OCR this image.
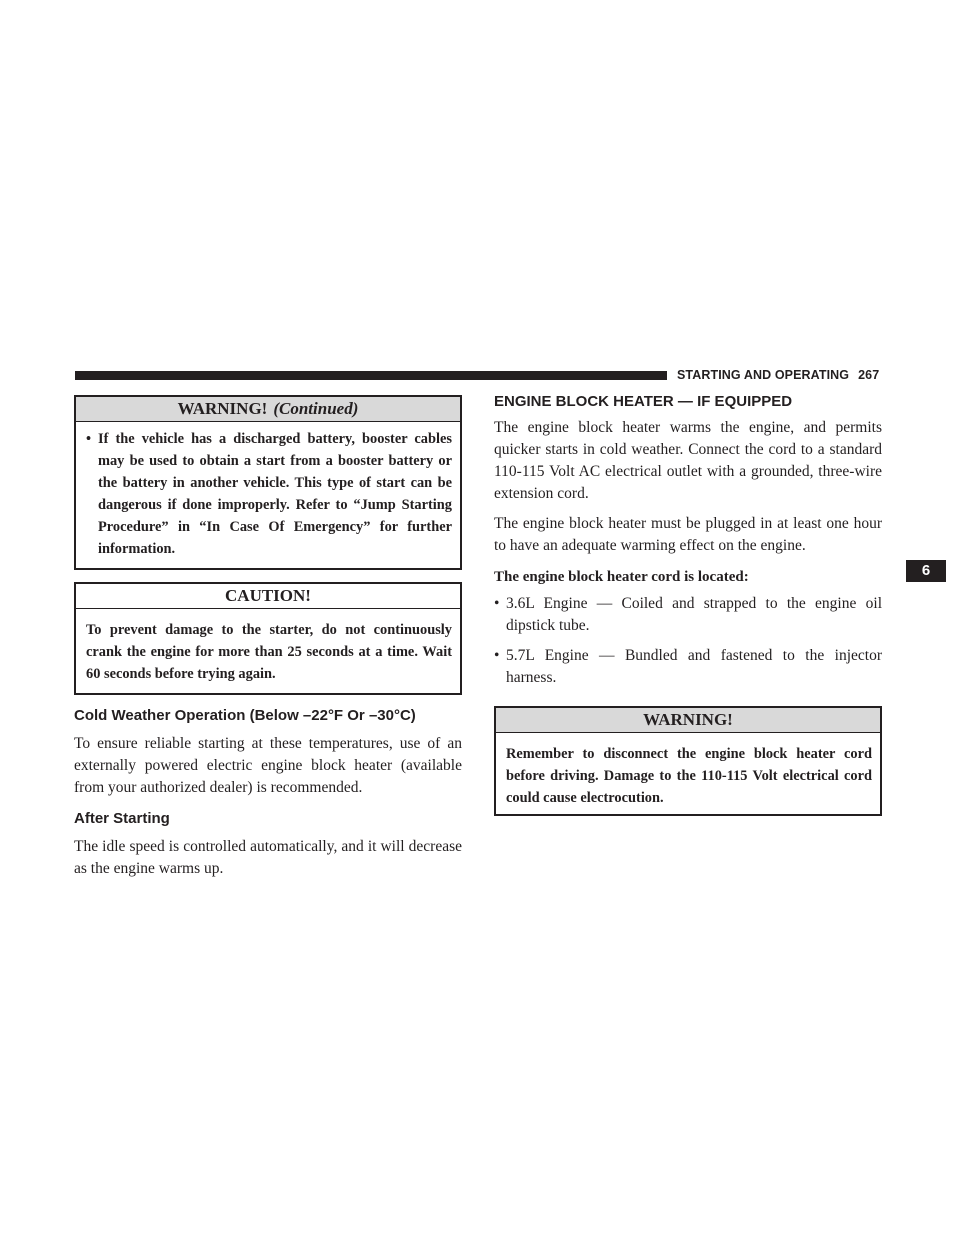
STARTING AND OPERATING 267
6
WARNING! (Continued)
• If the vehicle has a discharged battery, booster cables may be used to obtain a start from a booster battery or the battery in another vehicle. This type of start can be dangerous if done improperly. Refer to “Jump Starting Procedure” in “In Case Of Emergency” for further information.
CAUTION!
To prevent damage to the starter, do not continuously crank the engine for more than 25 seconds at a time. Wait 60 seconds before trying again.
Cold Weather Operation (Below –22°F Or –30°C)

To ensure reliable starting at these temperatures, use of an externally powered electric engine block heater (available from your authorized dealer) is recommended.

After Starting

The idle speed is controlled automatically, and it will decrease as the engine warms up.

ENGINE BLOCK HEATER — IF EQUIPPED

The engine block heater warms the engine, and permits quicker starts in cold weather. Connect the cord to a standard 110-115 Volt AC electrical outlet with a grounded, three-wire extension cord.

The engine block heater must be plugged in at least one hour to have an adequate warming effect on the engine.

The engine block heater cord is located:

• 3.6L Engine — Coiled and strapped to the engine oil dipstick tube.
• 5.7L Engine — Bundled and fastened to the injector harness.
WARNING!
Remember to disconnect the engine block heater cord before driving. Damage to the 110-115 Volt electrical cord could cause electrocution.
